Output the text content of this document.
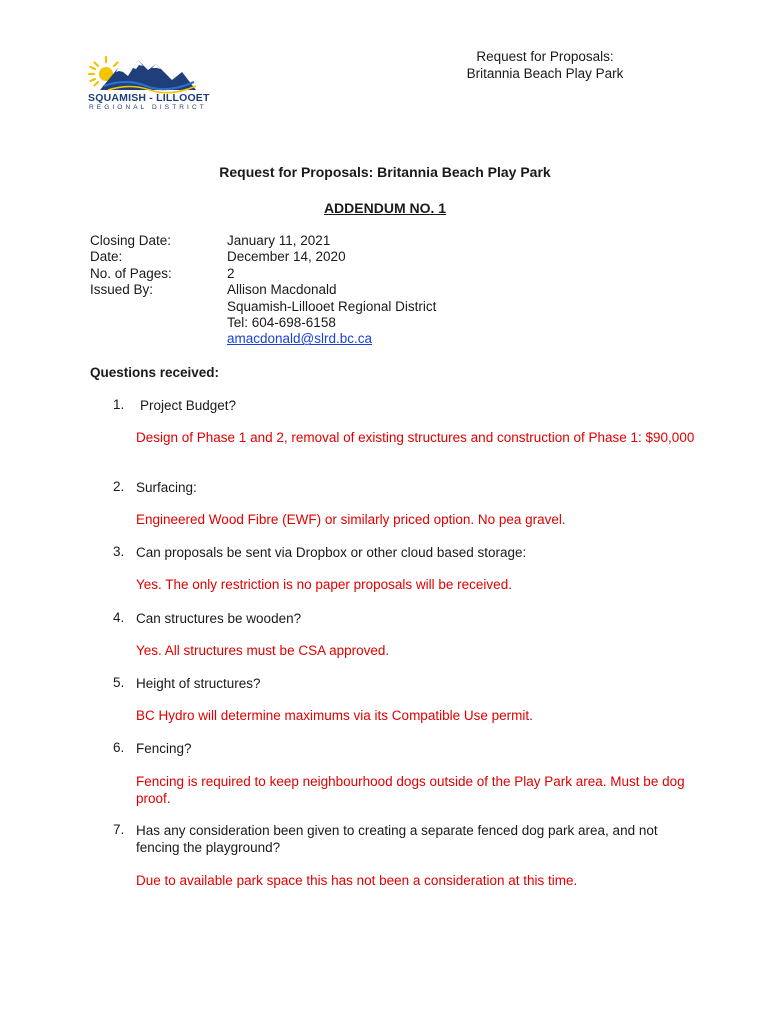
SQUAMISH - LILLOOET
REGIONAL DISTRICT
Request for Proposals:
Britannia Beach Play Park
Request for Proposals: Britannia Beach Play Park
ADDENDUM NO. 1
Closing Date:	January 11, 2021
Date:	December 14, 2020
No. of Pages:	2
Issued By:	Allison Macdonald
Squamish-Lillooet Regional District
Tel: 604-698-6158
amacdonald@slrd.bc.ca
Questions received:
1. Project Budget?
Design of Phase 1 and 2, removal of existing structures and construction of Phase 1: $90,000
2. Surfacing:
Engineered Wood Fibre (EWF) or similarly priced option. No pea gravel.
3. Can proposals be sent via Dropbox or other cloud based storage:
Yes. The only restriction is no paper proposals will be received.
4. Can structures be wooden?
Yes. All structures must be CSA approved.
5. Height of structures?
BC Hydro will determine maximums via its Compatible Use permit.
6. Fencing?
Fencing is required to keep neighbourhood dogs outside of the Play Park area. Must be dog proof.
7. Has any consideration been given to creating a separate fenced dog park area, and not fencing the playground?
Due to available park space this has not been a consideration at this time.
